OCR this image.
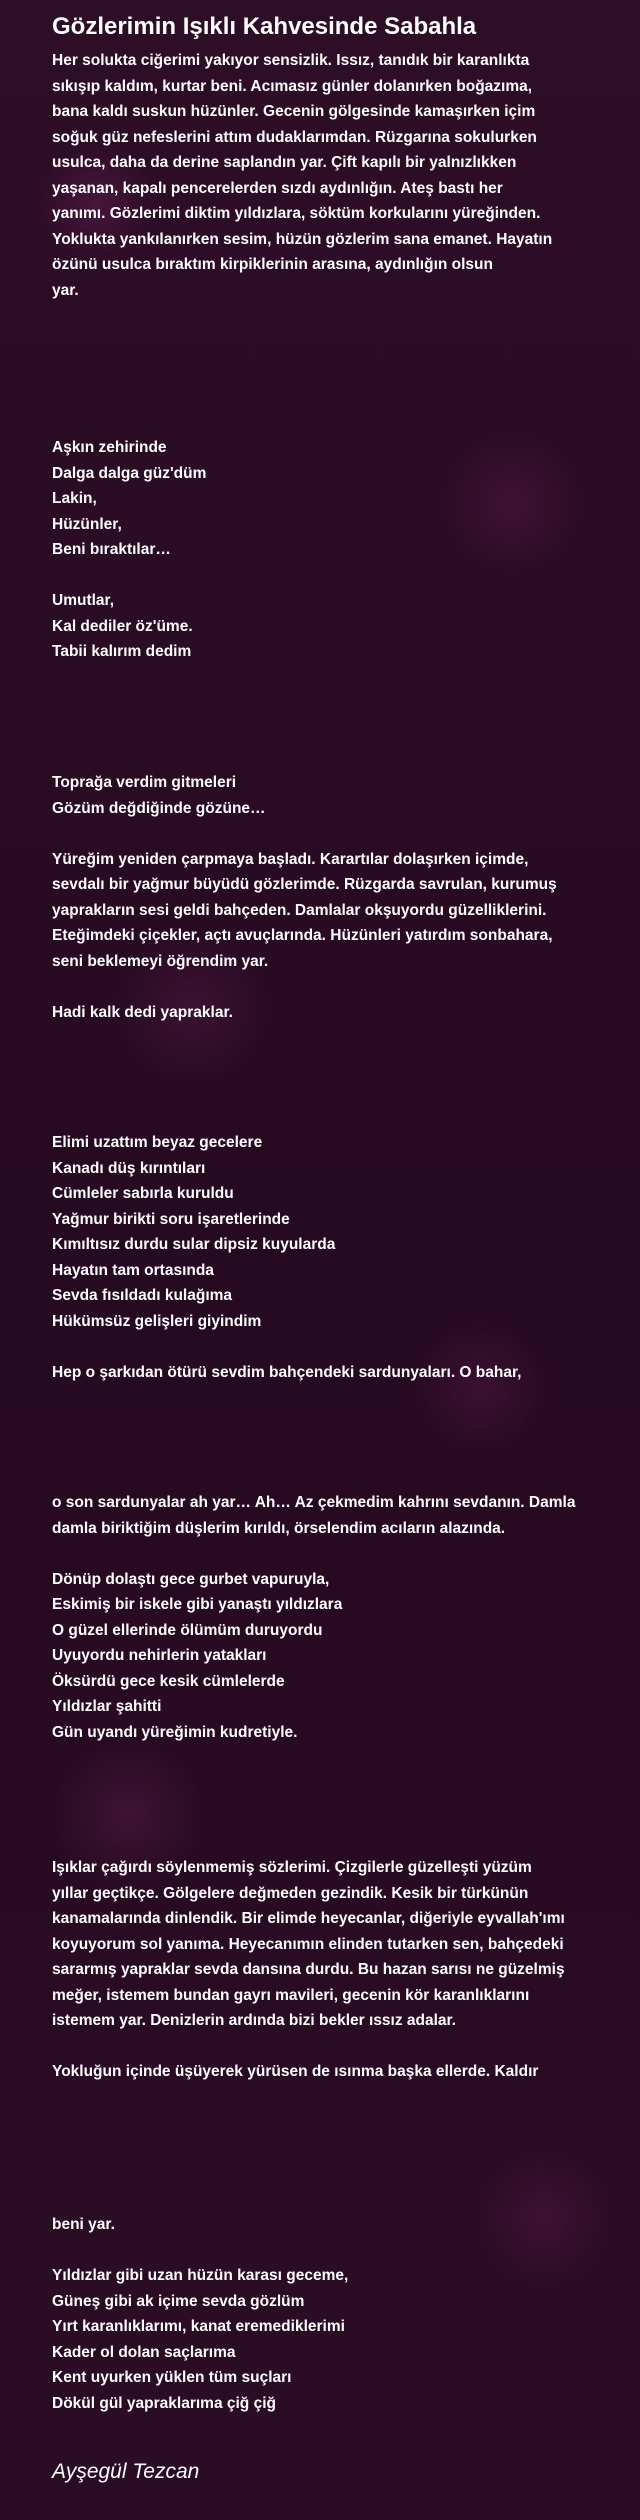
Gözlerimin Işıklı Kahvesinde Sabahla
Her solukta ciğerimi yakıyor sensizlik. Issız, tanıdık bir karanlıkta
sıkışıp kaldım, kurtar beni. Acımasız günler dolanırken boğazıma,
bana kaldı suskun hüzünler. Gecenin gölgesinde kamaşırken içim
soğuk güz nefeslerini attım dudaklarımdan. Rüzgarına sokulurken
usulca, daha da derine saplandın yar. Çift kapılı bir yalnızlıkken
yaşanan, kapalı pencerelerden sızdı aydınlığın. Ateş bastı her
yanımı. Gözlerimi diktim yıldızlara, söktüm korkularını yüreğinden.
Yoklukta yankılanırken sesim, hüzün gözlerim sana emanet. Hayatın
özünü usulca bıraktım kirpiklerinin arasına, aydınlığın olsun
yar.
Aşkın zehirinde
Dalga dalga güz'düm
Lakin,
Hüzünler,
Beni bıraktılar…

Umutlar,
Kal dediler öz'üme.
Tabii kalırım dedim
Toprağa verdim gitmeleri
Gözüm değdiğinde gözüne…

Yüreğim yeniden çarpmaya başladı. Karartılar dolaşırken içimde,
sevdalı bir yağmur büyüdü gözlerimde. Rüzgarda savrulan, kurumuş
yaprakların sesi geldi bahçeden. Damlalar okşuyordu güzelliklerini.
Eteğimdeki çiçekler, açtı avuçlarında. Hüzünleri yatırdım sonbahara,
seni beklemeyi öğrendim yar.

Hadi kalk dedi yapraklar.
Elimi uzattım beyaz gecelere
Kanadı düş kırıntıları
Cümleler sabırla kuruldu
Yağmur birikti soru işaretlerinde
Kımıltısız durdu sular dipsiz kuyularda
Hayatın tam ortasında
Sevda fısıldadı kulağıma
Hükümsüz gelişleri giyindim

Hep o şarkıdan ötürü sevdim bahçendeki sardunyaları. O bahar,
o son sardunyalar ah yar… Ah… Az çekmedim kahrını sevdanın. Damla
damla biriktiğim düşlerim kırıldı, örselendim acıların alazında.

Dönüp dolaştı gece gurbet vapuruyla,
Eskimiş bir iskele gibi yanaştı yıldızlara
O güzel ellerinde ölümüm duruyordu
Uyuyordu nehirlerin yatakları
Öksürdü gece kesik cümlelerde
Yıldızlar şahitti
Gün uyandı yüreğimin kudretiyle.
Işıklar çağırdı söylenmemiş sözlerimi. Çizgilerle güzelleşti yüzüm
yıllar geçtikçe. Gölgelere değmeden gezindik. Kesik bir türkünün
kanamalarında dinlendik. Bir elimde heyecanlar, diğeriyle eyvallah'ımı
koyuyorum sol yanıma. Heyecanımın elinden tutarken sen, bahçedeki
sararmış yapraklar sevda dansına durdu. Bu hazan sarısı ne güzelmiş
meğer, istemem bundan gayrı mavileri, gecenin kör karanlıklarını
istemem yar. Denizlerin ardında bizi bekler ıssız adalar.

Yokluğun içinde üşüyerek yürüsen de ısınma başka ellerde. Kaldır
beni yar.

Yıldızlar gibi uzan hüzün karası geceme,
Güneş gibi ak içime sevda gözlüm
Yırt karanlıklarımı, kanat eremediklerimi
Kader ol dolan saçlarıma
Kent uyurken yüklen tüm suçları
Dökül gül yapraklarıma çiğ çiğ
Ayşegül Tezcan
